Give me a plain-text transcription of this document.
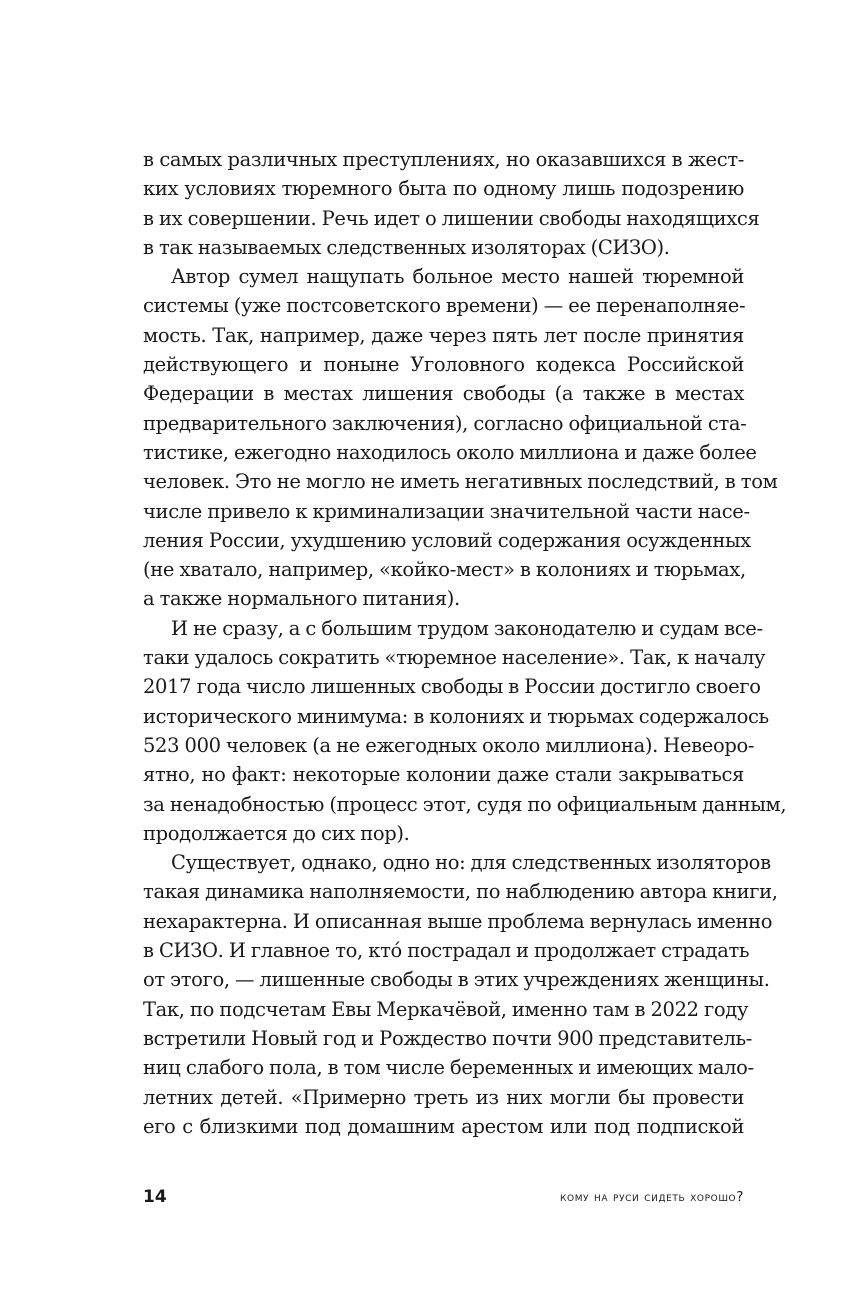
в самых различных преступлениях, но оказавшихся в жест-
ких условиях тюремного быта по одному лишь подозрению
в их совершении. Речь идет о лишении свободы находящихся
в так называемых следственных изоляторах (СИЗО).
Автор сумел нащупать больное место нашей тюремной
системы (уже постсоветского времени) — ее перенаполняе-
мость. Так, например, даже через пять лет после принятия
действующего и поныне Уголовного кодекса Российской
Федерации в местах лишения свободы (а также в местах
предварительного заключения), согласно официальной ста-
тистике, ежегодно находилось около миллиона и даже более
человек. Это не могло не иметь негативных последствий, в том
числе привело к криминализации значительной части насе-
ления России, ухудшению условий содержания осужденных
(не хватало, например, «койко-мест» в колониях и тюрьмах,
а также нормального питания).
И не сразу, а с большим трудом законодателю и судам все-
таки удалось сократить «тюремное население». Так, к началу
2017 года число лишенных свободы в России достигло своего
исторического минимума: в колониях и тюрьмах содержалось
523 000 человек (а не ежегодных около миллиона). Невеоро-
ятно, но факт: некоторые колонии даже стали закрываться
за ненадобностью (процесс этот, судя по официальным данным,
продолжается до сих пор).
Существует, однако, одно но: для следственных изоляторов
такая динамика наполняемости, по наблюдению автора книги,
нехарактерна. И описанная выше проблема вернулась именно
в СИЗО. И главное то, кто́ пострадал и продолжает страдать
от этого, — лишенные свободы в этих учреждениях женщины.
Так, по подсчетам Евы Меркачёвой, именно там в 2022 году
встретили Новый год и Рождество почти 900 представитель-
ниц слабого пола, в том числе беременных и имеющих мало-
летних детей. «Примерно треть из них могли бы провести
его с близкими под домашним арестом или под подпиской
14	кому на руси сидеть хорошо?
